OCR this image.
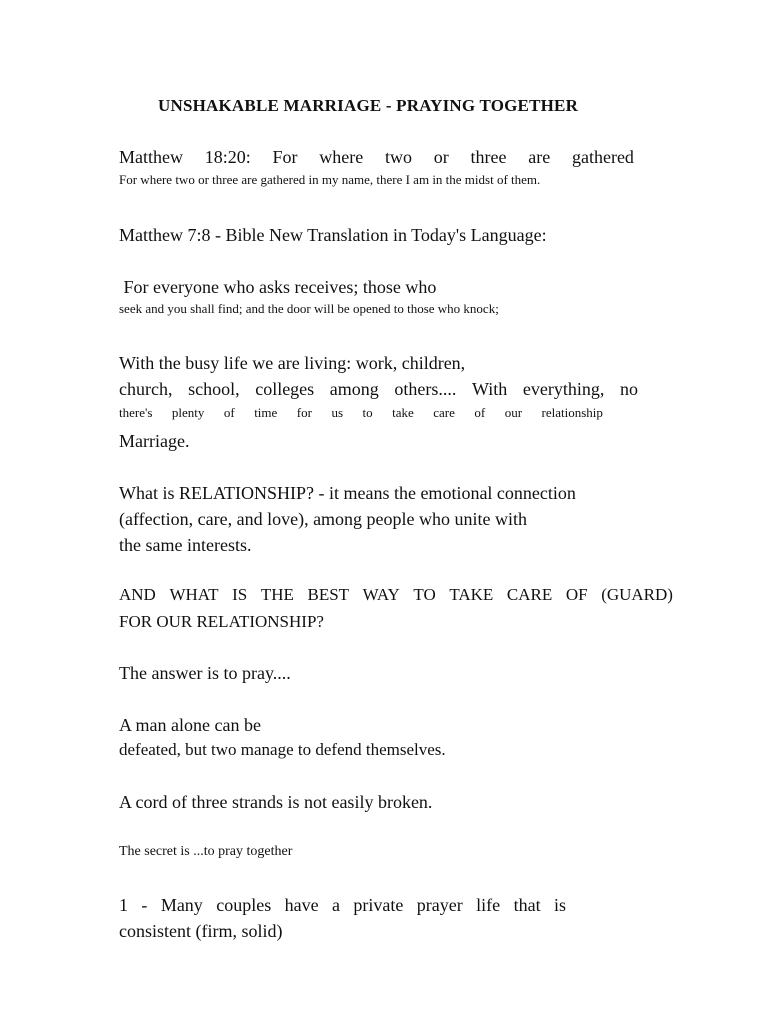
UNSHAKABLE MARRIAGE - PRAYING TOGETHER
Matthew 18:20: For where two or three are gathered
For where two or three are gathered in my name, there I am in the midst of them.
Matthew 7:8 - Bible New Translation in Today's Language:
For everyone who asks receives; those who
seek and you shall find; and the door will be opened to those who knock;
With the busy life we are living: work, children,
church, school, colleges among others.... With everything, no
there's plenty of time for us to take care of our relationship
Marriage.
What is RELATIONSHIP? - it means the emotional connection
(affection, care, and love), among people who unite with
the same interests.
AND WHAT IS THE BEST WAY TO TAKE CARE OF (GUARD)
FOR OUR RELATIONSHIP?
The answer is to pray....
A man alone can be
defeated, but two manage to defend themselves.
A cord of three strands is not easily broken.
The secret is ...to pray together
1 - Many couples have a private prayer life that is
consistent (firm, solid)
